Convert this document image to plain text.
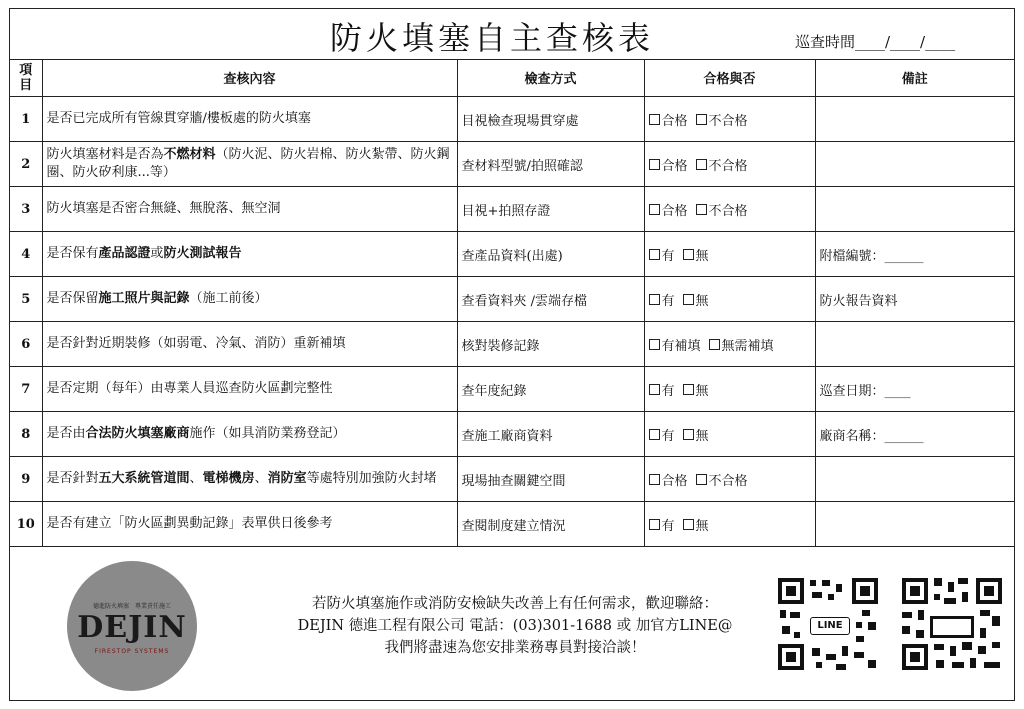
防火填塞自主查核表	巡查時間____/____/____
項目	查核內容	檢查方式	合格與否	備註
1	是否已完成所有管線貫穿牆/樓板處的防火填塞	目視檢查現場貫穿處	合格 不合格	
2	防火填塞材料是否為不燃材料（防火泥、防火岩棉、防火紮帶、防火鋼圈、防火矽利康...等）	查材料型號/拍照確認	合格 不合格	
3	防火填塞是否密合無縫、無脫落、無空洞	目視+拍照存證	合格 不合格	
4	是否保有產品認證或防火測試報告	查產品資料(出處)	有 無	附檔編號：______
5	是否保留施工照片與記錄（施工前後）	查看資料夾 /雲端存檔	有 無	防火報告資料
6	是否針對近期裝修（如弱電、冷氣、消防）重新補填	核對裝修記錄	有補填 無需補填	
7	是否定期（每年）由專業人員巡查防火區劃完整性	查年度紀錄	有 無	巡查日期：____
8	是否由合法防火填塞廠商施作（如具消防業務登記）	查施工廠商資料	有 無	廠商名稱：______
9	是否針對五大系統管道間、電梯機房、消防室等處特別加強防火封堵	現場抽查關鍵空間	合格 不合格	
10	是否有建立「防火區劃異動記錄」表單供日後參考	查閱制度建立情況	有 無	
德進防火填塞　專業責任施工
DEJIN
FIRESTOP SYSTEMS
若防火填塞施作或消防安檢缺失改善上有任何需求，歡迎聯絡：
DEJIN 德進工程有限公司 電話：(03)301-1688 或 加官方LINE@
我們將盡速為您安排業務專員對接洽談！
LINE
